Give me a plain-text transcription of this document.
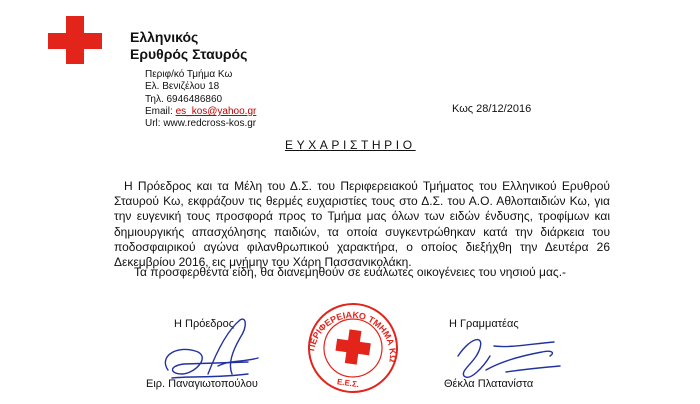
Ελληνικός
Ερυθρός Σταυρός
Περιφ/κό Τμήμα Κω
Ελ. Βενιζέλου 18
Τηλ. 6946486860
Email: es_kos@yahoo.gr
Url: www.redcross-kos.gr
Κως 28/12/2016
ΕΥΧΑΡΙΣΤΗΡΙΟ
Η Πρόεδρος και τα Μέλη του Δ.Σ. του Περιφερειακού Τμήματος του Ελληνικού Ερυθρού Σταυρού Κω, εκφράζουν τις θερμές ευχαριστίες τους στο Δ.Σ. του Α.Ο. Αθλοπαιδιών Κω, για την ευγενική τους προσφορά προς το Τμήμα μας όλων των ειδών ένδυσης, τροφίμων και δημιουργικής απασχόλησης παιδιών, τα οποία συγκεντρώθηκαν κατά την διάρκεια του ποδοσφαιρικού αγώνα φιλανθρωπικού χαρακτήρα, ο οποίος διεξήχθη την Δευτέρα 26 Δεκεμβρίου 2016, εις μνήμην του Χάρη Πασσανικολάκη.
Τα προσφερθέντα είδη, θα διανεμηθούν σε ευάλωτες οικογένειες του νησιού μας.-
Η Πρόεδρος
Ειρ. Παναγιωτοπούλου
ΠΕΡΙΦΕΡΕΙΑΚΟ ΤΜΗΜΑ ΚΩ
Ε.Ε.Σ.
Η Γραμματέας
Θέκλα Πλατανίστα
